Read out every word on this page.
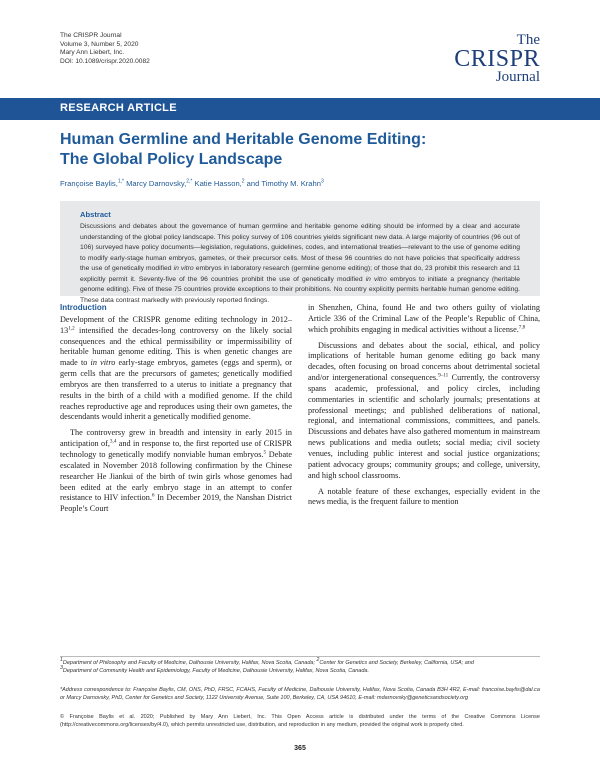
The CRISPR Journal
Volume 3, Number 5, 2020
Mary Ann Liebert, Inc.
DOI: 10.1089/crispr.2020.0082
The
CRISPR
Journal
RESEARCH ARTICLE
Human Germline and Heritable Genome Editing:
The Global Policy Landscape
Françoise Baylis,$^{1,*}$ Marcy Darnovsky,$^{2,*}$ Katie Hasson,$^2$ and Timothy M. Krahn$^3$
Abstract
Discussions and debates about the governance of human germline and heritable genome editing should be informed by a clear and accurate understanding of the global policy landscape. This policy survey of 106 countries yields significant new data. A large majority of countries (96 out of 106) surveyed have policy documents—legislation, regulations, guidelines, codes, and international treaties—relevant to the use of genome editing to modify early-stage human embryos, gametes, or their precursor cells. Most of these 96 countries do not have policies that specifically address the use of genetically modified in vitro embryos in laboratory research (germline genome editing); of those that do, 23 prohibit this research and 11 explicitly permit it. Seventy-five of the 96 countries prohibit the use of genetically modified in vitro embryos to initiate a pregnancy (heritable genome editing). Five of these 75 countries provide exceptions to their prohibitions. No country explicitly permits heritable human genome editing. These data contrast markedly with previously reported findings.
Introduction

Development of the CRISPR genome editing technology in 2012–13$^{1,2}$ intensified the decades-long controversy on the likely social consequences and the ethical permissibility or impermissibility of heritable human genome editing. This is when genetic changes are made to in vitro early-stage embryos, gametes (eggs and sperm), or germ cells that are the precursors of gametes; genetically modified embryos are then transferred to a uterus to initiate a pregnancy that results in the birth of a child with a modified genome. If the child reaches reproductive age and reproduces using their own gametes, the descendants would inherit a genetically modified genome.

The controversy grew in breadth and intensity in early 2015 in anticipation of,$^{3,4}$ and in response to, the first reported use of CRISPR technology to genetically modify nonviable human embryos.$^5$ Debate escalated in November 2018 following confirmation by the Chinese researcher He Jiankui of the birth of twin girls whose genomes had been edited at the early embryo stage in an attempt to confer resistance to HIV infection.$^6$ In December 2019, the Nanshan District People’s Court

in Shenzhen, China, found He and two others guilty of violating Article 336 of the Criminal Law of the People’s Republic of China, which prohibits engaging in medical activities without a license.$^{7,8}$

Discussions and debates about the social, ethical, and policy implications of heritable human genome editing go back many decades, often focusing on broad concerns about detrimental societal and/or intergenerational consequences.$^{9-11}$ Currently, the controversy spans academic, professional, and policy circles, including commentaries in scientific and scholarly journals; presentations at professional meetings; and published deliberations of national, regional, and international commissions, committees, and panels. Discussions and debates have also gathered momentum in mainstream news publications and media outlets; social media; civil society venues, including public interest and social justice organizations; patient advocacy groups; community groups; and college, university, and high school classrooms.

A notable feature of these exchanges, especially evident in the news media, is the frequent failure to mention

$^1$Department of Philosophy and Faculty of Medicine, Dalhousie University, Halifax, Nova Scotia, Canada; $^2$Center for Genetics and Society, Berkeley, California, USA; and
$^3$Department of Community Health and Epidemiology, Faculty of Medicine, Dalhousie University, Halifax, Nova Scotia, Canada.
*Address correspondence to: Françoise Baylis, CM, ONS, PhD, FRSC, FCAHS, Faculty of Medicine, Dalhousie University, Halifax, Nova Scotia, Canada B3H 4R2, E-mail: francoise.baylis@dal.ca or Marcy Darnovsky, PhD, Center for Genetics and Society, 1122 University Avenue, Suite 100, Berkeley, CA, USA 94610, E-mail: mdarnovsky@geneticsandsociety.org
© Françoise Baylis et al. 2020; Published by Mary Ann Liebert, Inc. This Open Access article is distributed under the terms of the Creative Commons License (http://creativecommons.org/licenses/by/4.0), which permits unrestricted use, distribution, and reproduction in any medium, provided the original work is properly cited.
365
